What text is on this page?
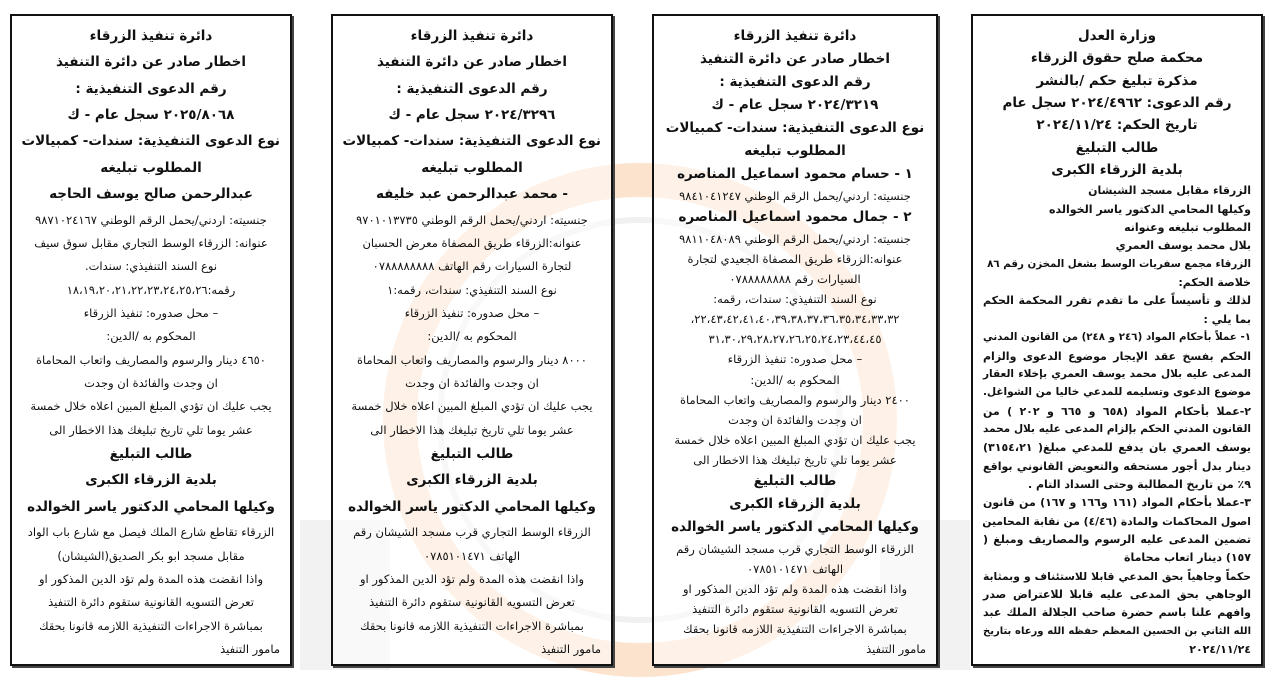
وزارة العدل
محكمة صلح حقوق الزرقاء
مذكرة تبليغ حكم /بالنشر
رقم الدعوى: ٢٠٢٤/٤٩٦٢ سجل عام
تاريخ الحكم: ٢٠٢٤/١١/٢٤
طالب التبليغ
بلدية الزرقاء الكبرى
الزرقاء مقابل مسجد الشيشان
وكيلها المحامي الدكتور ياسر الخوالده
المطلوب تبليغه وعنوانه
بلال محمد يوسف العمري
الزرقاء مجمع سفريات الوسط بشغل المخزن رقم ٨٦
خلاصة الحكم:
لذلك و تأسيساً على ما تقدم تقرر المحكمة الحكم
بما يلي :
١- عملاً بأحكام المواد (٢٤٦ و ٢٤٨) من القانون المدني
الحكم بفسخ عقد الإيجار موضوع الدعوى والزام
المدعى عليه بلال محمد يوسف العمري بإخلاء العقار
موضوع الدعوى وتسليمه للمدعي خاليا من الشواغل.
٢-عملا بأحكام المواد (٦٥٨ و ٦٦٥ و ٢٠٢ ) من
القانون المدني الحكم بإلزام المدعى عليه بلال محمد
يوسف العمري بان يدفع للمدعي مبلغ( ٣١٥٤،٢١)
دينار بدل أجور مستحقه والتعويض القانوني بواقع
٩٪ من تاريخ المطالبة وحتى السداد التام .
٣-عملا بأحكام المواد (١٦١ و١٦٦ و ١٦٧) من قانون
اصول المحاكمات والمادة (٤/٤٦) من نقابة المحامين
تضمين المدعى عليه الرسوم والمصاريف ومبلغ (
١٥٧) دينار اتعاب محاماة
حكماً وجاهياً بحق المدعي قابلا للاستئناف و وبمثابة
الوجاهي بحق المدعى عليه قابلا للاعتراض صدر
وافهم علنا باسم حضرة صاحب الجلالة الملك عبد
الله الثاني بن الحسين المعظم حفظه الله ورعاه بتاريخ
٢٠٢٤/١١/٢٤
دائرة تنفيذ الزرقاء
اخطار صادر عن دائرة التنفيذ
رقم الدعوى التنفيذية :
٢٠٢٤/٣٢١٩ سجل عام - ك
نوع الدعوى التنفيذية: سندات- كمبيالات
المطلوب تبليغه
١ - حسام محمود اسماعيل المناصره
جنسيته: اردني/يحمل الرقم الوطني ٩٨٤١٠٤١٢٤٧
٢ - جمال محمود اسماعيل المناصره
جنسيته: اردني/يحمل الرقم الوطني ٩٨١١٠٤٨٠٨٩
عنوانه:الزرقاء طريق المصفاة الجعيدي لتجارة
السيارات رقم ٠٧٨٨٨٨٨٨٨٨
نوع السند التنفيذي: سندات، رقمه:
٢٢،٤٣،٤٢،٤١،٤٠،٣٩،٣٨،٣٧،٣٦،٣٥،٣٤،٣٣،٣٢،
٣١،٣٠،٢٩،٢٨،٢٧،٢٦،٢٥،٢٤،٢٣،٤٤،٤٥
– محل صدوره: تنفيذ الزرقاء
المحكوم به /الدين:
٢٤٠٠ دينار والرسوم والمصاريف واتعاب المحاماة
ان وجدت والفائدة ان وجدت
يجب عليك ان تؤدي المبلغ المبين اعلاه خلال خمسة
عشر يوما تلي تاريخ تبليغك هذا الاخطار الى
طالب التبليغ
بلدية الزرقاء الكبرى
وكيلها المحامي الدكتور ياسر الخوالده
الزرقاء الوسط التجاري قرب مسجد الشيشان رقم
الهاتف ٠٧٨٥١٠١٤٧١
واذا انقضت هذه المدة ولم تؤد الدين المذكور او
تعرض التسويه القانونية ستقوم دائرة التنفيذ
بمباشرة الاجراءات التنفيذية اللازمه قانونا بحقك
مامور التنفيذ
دائرة تنفيذ الزرقاء
اخطار صادر عن دائرة التنفيذ
رقم الدعوى التنفيذية :
٢٠٢٤/٣٢٩٦ سجل عام - ك
نوع الدعوى التنفيذية: سندات- كمبيالات
المطلوب تبليغه
- محمد عبدالرحمن عبد خليفه
جنسيته: اردني/يحمل الرقم الوطني ٩٧٠١٠١٣٧٣٥
عنوانه:الزرقاء طريق المصفاة معرض الحسبان
لتجارة السيارات رقم الهاتف ٠٧٨٨٨٨٨٨٨٨
نوع السند التنفيذي: سندات، رقمه:١
– محل صدوره: تنفيذ الزرقاء
المحكوم به /الدين:
٨٠٠٠ دينار والرسوم والمصاريف واتعاب المحاماة
ان وجدت والفائدة ان وجدت
يجب عليك ان تؤدي المبلغ المبين اعلاه خلال خمسة
عشر يوما تلي تاريخ تبليغك هذا الاخطار الى
طالب التبليغ
بلدية الزرقاء الكبرى
وكيلها المحامي الدكتور ياسر الخوالده
الزرقاء الوسط التجاري قرب مسجد الشيشان رقم
الهاتف ٠٧٨٥١٠١٤٧١
واذا انقضت هذه المدة ولم تؤد الدين المذكور او
تعرض التسويه القانونية ستقوم دائرة التنفيذ
بمباشرة الاجراءات التنفيذية اللازمه قانونا بحقك
مامور التنفيذ
دائرة تنفيذ الزرقاء
اخطار صادر عن دائرة التنفيذ
رقم الدعوى التنفيذية :
٢٠٢٥/٨٠٦٨ سجل عام - ك
نوع الدعوى التنفيذية: سندات- كمبيالات
المطلوب تبليغه
عبدالرحمن صالح يوسف الحاجه
جنسيته: اردني/يحمل الرقم الوطني ٩٨٧١٠٢٤١٦٧
عنوانه: الزرقاء الوسط التجاري مقابل سوق سيف
نوع السند التنفيذي: سندات.
رقمه:١٨،١٩،٢٠،٢١،٢٢،٢٣،٢٤،٢٥،٢٦
– محل صدوره: تنفيذ الزرقاء
المحكوم به /الدين:
٤٦٥٠ دينار والرسوم والمصاريف واتعاب المحاماة
ان وجدت والفائدة ان وجدت
يجب عليك ان تؤدي المبلغ المبين اعلاه خلال خمسة
عشر يوما تلي تاريخ تبليغك هذا الاخطار الى
طالب التبليغ
بلدية الزرقاء الكبرى
وكيلها المحامي الدكتور ياسر الخوالده
الزرقاء تقاطع شارع الملك فيصل مع شارع باب الواد
مقابل مسجد ابو بكر الصديق(الشيشان)
واذا انقضت هذه المدة ولم تؤد الدين المذكور او
تعرض التسويه القانونية ستقوم دائرة التنفيذ
بمباشرة الاجراءات التنفيذية اللازمه قانونا بحقك
مامور التنفيذ
